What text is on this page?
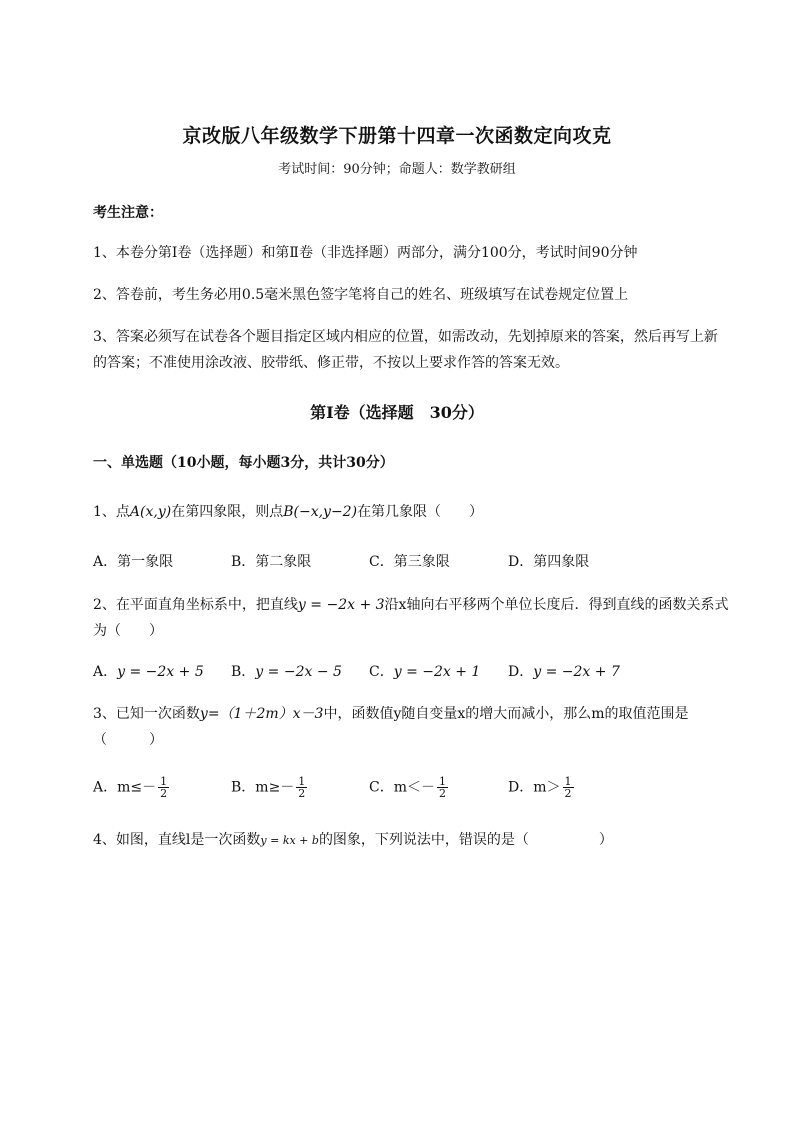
京改版八年级数学下册第十四章一次函数定向攻克
考试时间：90分钟；命题人：数学教研组
考生注意：
1、本卷分第I卷（选择题）和第Ⅱ卷（非选择题）两部分，满分100分，考试时间90分钟
2、答卷前，考生务必用0.5毫米黑色签字笔将自己的姓名、班级填写在试卷规定位置上
3、答案必须写在试卷各个题目指定区域内相应的位置，如需改动，先划掉原来的答案，然后再写上新
的答案；不准使用涂改液、胶带纸、修正带，不按以上要求作答的答案无效。
第I卷（选择题　30分）
一、单选题（10小题，每小题3分，共计30分）
1、点A(x,y)在第四象限，则点B(−x,y−2)在第几象限（　　）
A．第一象限	B．第二象限	C．第三象限	D．第四象限
2、在平面直角坐标系中，把直线y = −2x + 3沿x轴向右平移两个单位长度后．得到直线的函数关系式
为（　　）
A．y = −2x + 5 B．y = −2x − 5 C．y = −2x + 1 D．y = −2x + 7
3、已知一次函数y=（1＋2m）x－3中，函数值y随自变量x的增大而减小，那么m的取值范围是
（　　　）
A．$m\le- \frac{1}{2}$	B．$m\ge- \frac{1}{2}$	C．$m<- \frac{1}{2}$	D．$m> \frac{1}{2}$
4、如图，直线l是一次函数y = kx + b的图象，下列说法中，错误的是（　　　　　）
